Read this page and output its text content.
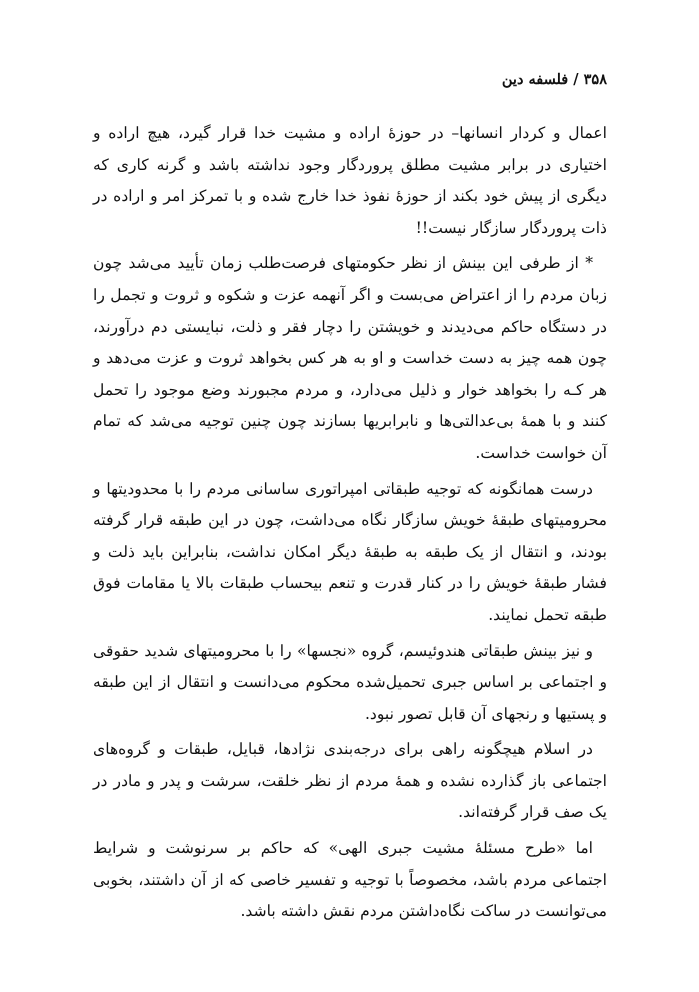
۳۵۸ / فلسفه دین

اعمال و کردار انسانها– در حوزهٔ اراده و مشیت خدا قرار گیرد، هیچ اراده و اختیاری در برابر مشیت مطلق پروردگار وجود نداشته باشد و گرنه کاری که دیگری از پیش خود بکند از حوزهٔ نفوذ خدا خارج شده و با تمرکز امر و اراده در ذات پروردگار سازگار نیست!!

* از طرفی این بینش از نظر حکومتهای فرصت‌طلب زمان تأیید می‌شد چون زبان مردم را از اعتراض می‌بست و اگر آنهمه عزت و شکوه و ثروت و تجمل را در دستگاه حاکم می‌دیدند و خویشتن را دچار فقر و ذلت، نبایستی دم درآورند، چون همه چیز به دست خداست و او به هر کس بخواهد ثروت و عزت می‌دهد و هر کـه را بخواهد خوار و ذلیل می‌دارد، و مردم مجبورند وضع موجود را تحمل کنند و با همهٔ بی‌عدالتی‌ها و نابرابریها بسازند چون چنین توجیه می‌شد که تمام آن خواست خداست.

درست همانگونه که توجیه طبقاتی امپراتوری ساسانی مردم را با محدودیتها و محرومیتهای طبقهٔ خویش سازگار نگاه می‌داشت، چون در این طبقه قرار گرفته بودند، و انتقال از یک طبقه به طبقهٔ دیگر امکان نداشت، بنابراین باید ذلت و فشار طبقهٔ خویش را در کنار قدرت و تنعم بیحساب طبقات بالا یا مقامات فوق طبقه تحمل نمایند.

و نیز بینش طبقاتی هندوئیسم، گروه «نجسها» را با محرومیتهای شدید حقوقی و اجتماعی بر اساس جبری تحمیل‌شده محکوم می‌دانست و انتقال از این طبقه و پستیها و رنجهای آن قابل تصور نبود.

در اسلام هیچگونه راهی برای درجه‌بندی نژادها، قبایل، طبقات و گروه‌های اجتماعی باز گذارده نشده و همهٔ مردم از نظر خلقت، سرشت و پدر و مادر در یک صف قرار گرفته‌اند.

اما «طرح مسئلهٔ مشیت جبری الهی» که حاکم بر سرنوشت و شرایط اجتماعی مردم باشد، مخصوصاً با توجیه و تفسیر خاصی که از آن داشتند، بخوبی می‌توانست در ساکت نگاه‌داشتن مردم نقش داشته باشد.
